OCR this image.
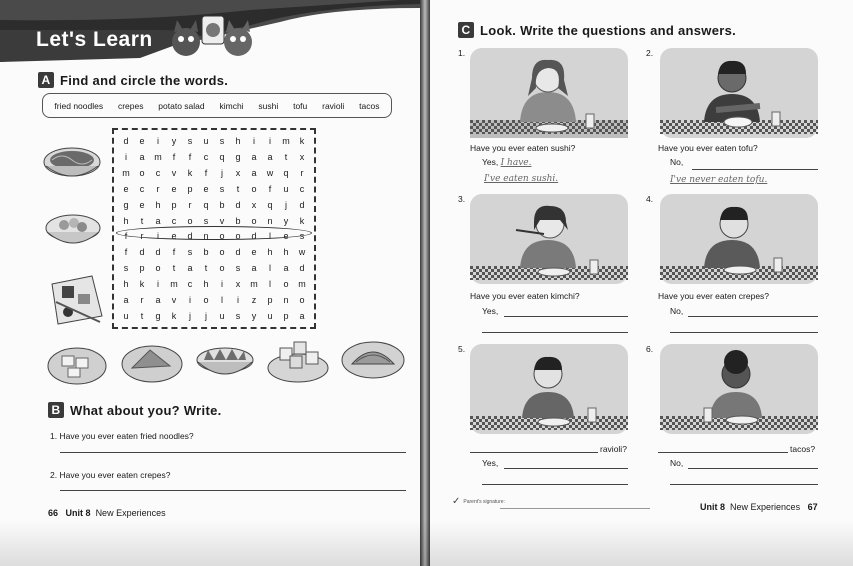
Let's Learn
A Find and circle the words.
fried noodles crepes potato salad kimchi sushi tofu ravioli tacos
d	e	i	y	s	u	s	h	i	i	m	k
i	a	m	f	f	c	q	g	a	a	t	x
m	o	c	v	k	f	j	x	a	w	q	r
e	c	r	e	p	e	s	t	o	f	u	c
g	e	h	p	r	q	b	d	x	q	j	d
h	t	a	c	o	s	v	b	o	n	y	k
f	r	i	e	d	n	o	o	d	l	e	s
f	d	d	f	s	b	o	d	e	h	h	w
s	p	o	t	a	t	o	s	a	l	a	d
h	k	i	m	c	h	i	x	m	l	o	m
a	r	a	v	i	o	l	i	z	p	n	o
u	t	g	k	j	j	u	s	y	u	p	a
B What about you? Write.
1. Have you ever eaten fried noodles?
2. Have you ever eaten crepes?
66 Unit 8 New Experiences
C Look. Write the questions and answers.
1.
Have you ever eaten sushi?
Yes, I have.
I've eaten sushi.
2.
Have you ever eaten tofu?
No,
I've never eaten tofu.
3.
Have you ever eaten kimchi?
Yes,
4.
Have you ever eaten crepes?
No,
5.
ravioli?
Yes,
6.
tacos?
No,
✓ Parent's signature:
Unit 8 New Experiences 67
